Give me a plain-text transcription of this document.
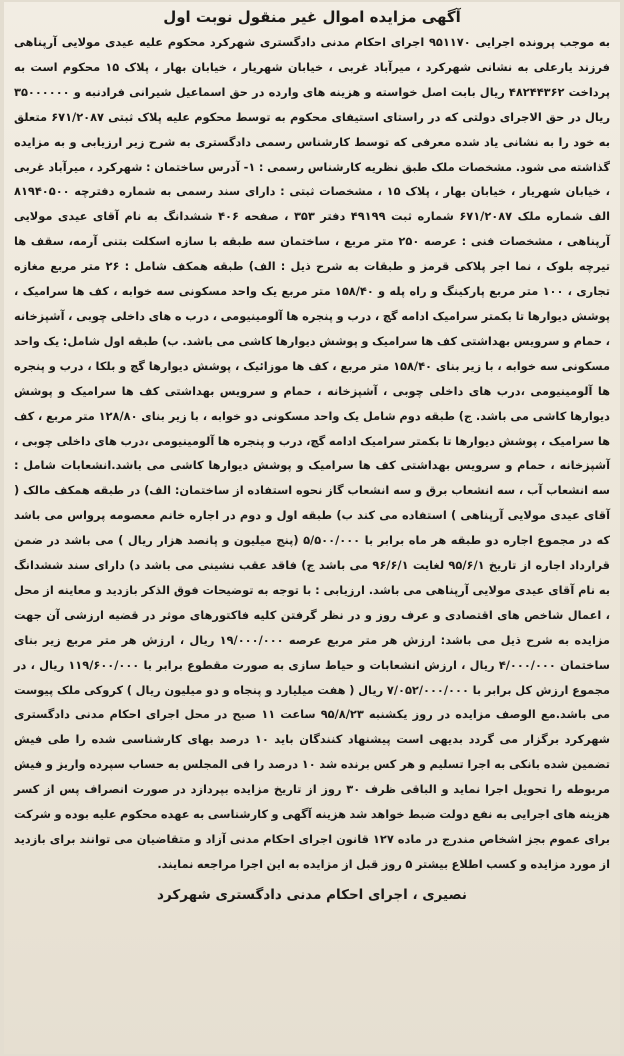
آگهی مزایده اموال غیر منقول نوبت اول

به موجب پرونده اجرایی ۹۵۱۱۷۰ اجرای احکام مدنی دادگستری شهرکرد محکوم علیه عیدی مولایی آرپناهی فرزند یارعلی به نشانی شهرکرد ، میرآباد غربی ، خیابان شهریار ، خیابان بهار ، پلاک ۱۵ محکوم است به پرداخت ۴۸۲۴۴۳۶۲ ریال بابت اصل خواسته و هزینه های وارده در حق اسماعیل شیرانی فرادنبه و ۳۵۰۰۰۰۰۰ ریال در حق الاجرای دولتی که در راستای استیفای محکوم به توسط محکوم علیه پلاک ثبتی ۶۷۱/۲۰۸۷ متعلق به خود را به نشانی یاد شده معرفی که توسط کارشناس رسمی دادگستری به شرح زیر ارزیابی و به مزایده گذاشته می شود. مشخصات ملک طبق نظریه کارشناس رسمی : ۱- آدرس ساختمان : شهرکرد ، میرآباد غربی ، خیابان شهریار ، خیابان بهار ، پلاک ۱۵ ، مشخصات ثبتی : دارای سند رسمی به شماره دفترچه ۸۱۹۴۰۵۰۰ الف شماره ملک ۶۷۱/۲۰۸۷ شماره ثبت ۴۹۱۹۹ دفتر ۳۵۳ ، صفحه ۴۰۶ ششدانگ به نام آقای عیدی مولایی آرپناهی ، مشخصات فنی : عرصه ۲۵۰ متر مربع ، ساختمان سه طبقه با سازه اسکلت بتنی آرمه، سقف ها تیرچه بلوک ، نما اجر پلاکی قرمز و طبقات به شرح ذیل : الف) طبقه همکف شامل : ۲۶ متر مربع مغازه تجاری ، ۱۰۰ متر مربع پارکینگ و راه پله و ۱۵۸/۴۰ متر مربع یک واحد مسکونی سه خوابه ، کف ها سرامیک ، پوشش دیوارها تا بکمتر سرامیک ادامه گچ ، درب و پنجره ها آلومینیومی ، درب ه های داخلی چوبی ، آشپزخانه ، حمام و سرویس بهداشتی کف ها سرامیک و پوشش دیوارها کاشی می باشد. ب) طبقه اول شامل: یک واحد مسکونی سه خوابه ، با زیر بنای ۱۵۸/۴۰ متر مربع ، کف ها موزائیک ، پوشش دیوارها گچ و بلکا ، درب و پنجره ها آلومینیومی ،درب های داخلی چوبی ، آشپزخانه ، حمام و سرویس بهداشتی کف ها سرامیک و پوشش دیوارها کاشی می باشد. ج) طبقه دوم شامل یک واحد مسکونی دو خوابه ، با زیر بنای ۱۲۸/۸۰ متر مربع ، کف ها سرامیک ، پوشش دیوارها تا بکمتر سرامیک ادامه گچ، درب و پنجره ها آلومینیومی ،درب های داخلی چوبی ، آشپزخانه ، حمام و سرویس بهداشتی کف ها سرامیک و پوشش دیوارها کاشی می باشد.انشعابات شامل : سه انشعاب آب ، سه انشعاب برق و سه انشعاب گاز نحوه استفاده از ساختمان: الف) در طبقه همکف مالک ( آقای عیدی مولایی آرپناهی ) استفاده می کند ب) طبقه اول و دوم در اجاره خانم معصومه پرواس می باشد که در مجموع اجاره دو طبقه هر ماه برابر با ۵/۵۰۰/۰۰۰ (پنج میلیون و پانصد هزار ریال ) می باشد در ضمن قرارداد اجاره از تاریخ ۹۵/۶/۱ لغایت ۹۶/۶/۱ می باشد ج) فاقد عقب نشینی می باشد د) دارای سند ششدانگ به نام آقای عیدی مولایی آرپناهی می باشد. ارزیابی : با توجه به توضیحات فوق الذکر بازدید و معاینه از محل ، اعمال شاخص های اقتصادی و عرف روز و در نظر گرفتن کلیه فاکتورهای موثر در قضیه ارزشی آن جهت مزایده به شرح ذیل می باشد: ارزش هر متر مربع عرصه ۱۹/۰۰۰/۰۰۰ ریال ، ارزش هر متر مربع زیر بنای ساختمان ۴/۰۰۰/۰۰۰ ریال ، ارزش انشعابات و حیاط سازی به صورت مقطوع برابر با ۱۱۹/۶۰۰/۰۰۰ ریال ، در مجموع ارزش کل برابر با ۷/۰۵۲/۰۰۰/۰۰۰ ریال ( هفت میلیارد و پنجاه و دو میلیون ریال ) کروکی ملک پیوست می باشد.مع الوصف مزایده در روز یکشنبه ۹۵/۸/۲۳ ساعت ۱۱ صبح در محل اجرای احکام مدنی دادگستری شهرکرد برگزار می گردد بدیهی است پیشنهاد کنندگان باید ۱۰ درصد بهای کارشناسی شده را طی فیش تضمین شده بانکی به اجرا تسلیم و هر کس برنده شد ۱۰ درصد را فی المجلس به حساب سپرده واریز و فیش مربوطه را تحویل اجرا نماید و الباقی ظرف ۳۰ روز از تاریخ مزایده بپردازد در صورت انصراف پس از کسر هزینه های اجرایی به نفع دولت ضبط خواهد شد هزینه آگهی و کارشناسی به عهده محکوم علیه بوده و شرکت برای عموم بجز اشخاص مندرج در ماده ۱۲۷ قانون اجرای احکام مدنی آزاد و متقاضیان می توانند برای بازدید از مورد مزایده و کسب اطلاع بیشتر ۵ روز قبل از مزایده به این اجرا مراجعه نمایند.

نصیری ، اجرای احکام مدنی دادگستری شهرکرد
